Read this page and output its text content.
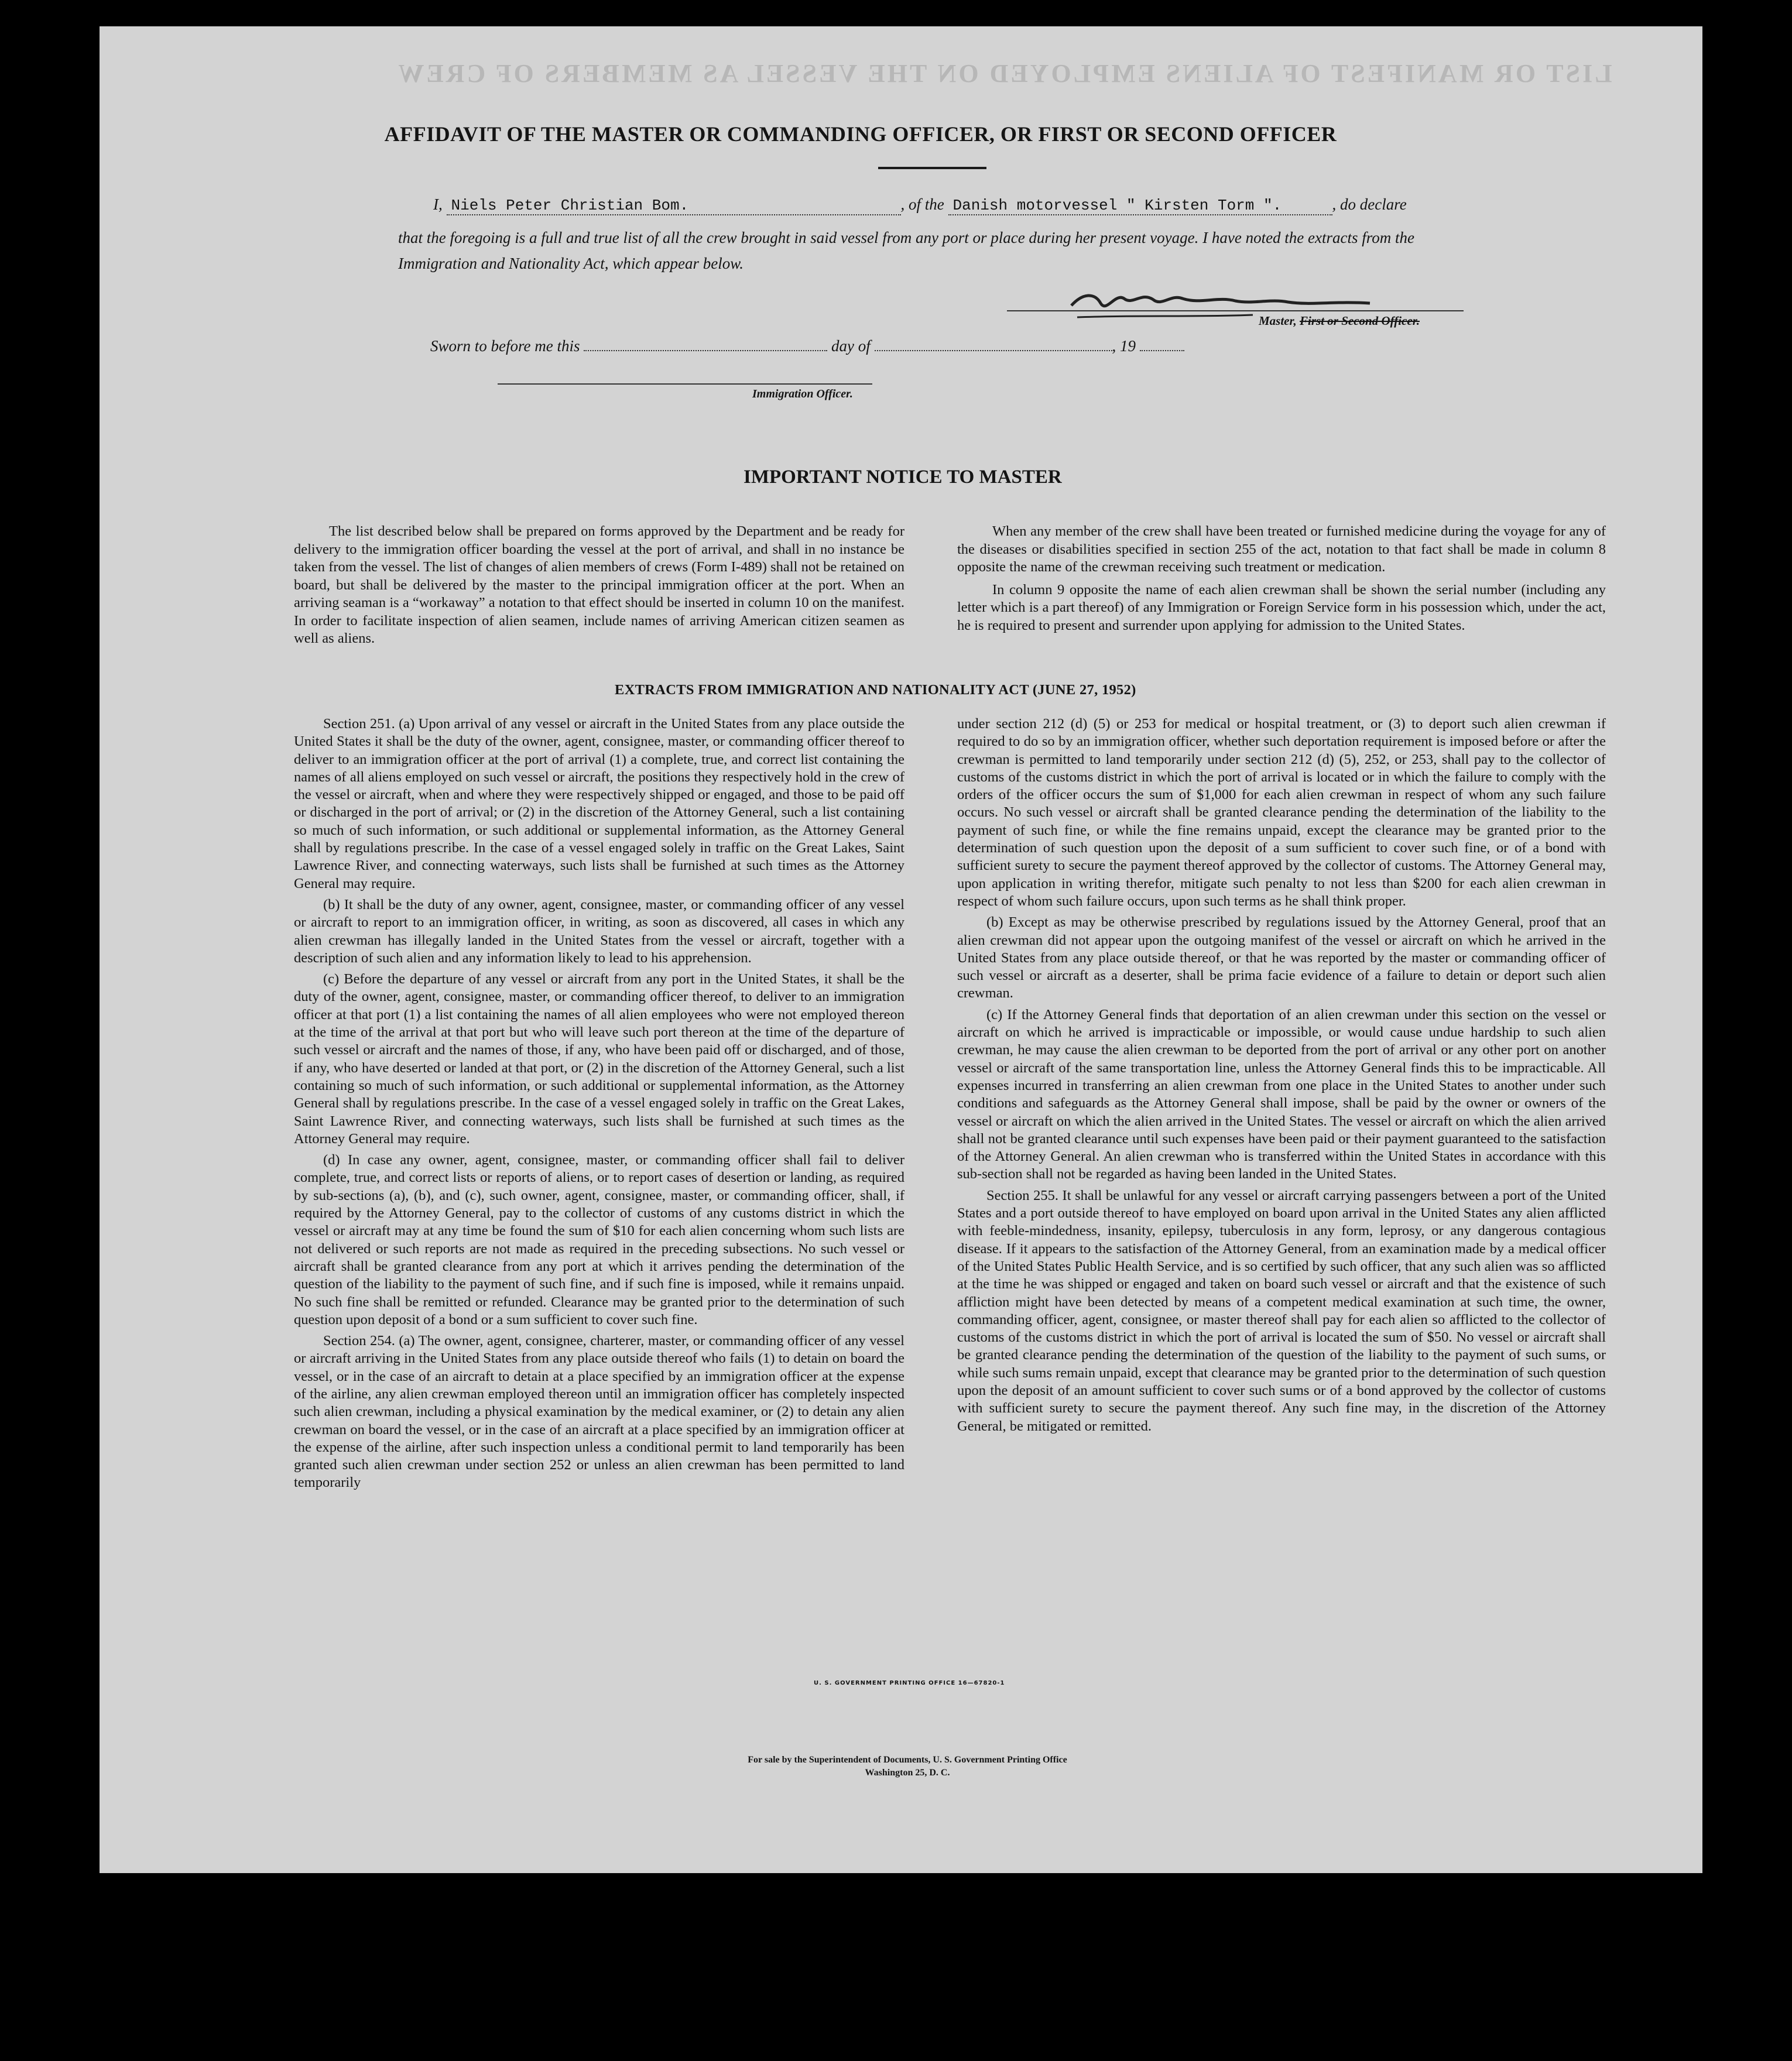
LIST OR MANIFEST OF ALIENS EMPLOYED ON THE VESSEL AS MEMBERS OF CREW
AFFIDAVIT OF THE MASTER OR COMMANDING OFFICER, OR FIRST OR SECOND OFFICER
I, Niels Peter Christian Bom.	, of the Danish motorvessel " Kirsten Torm ".	, do declare
that the foregoing is a full and true list of all the crew brought in said vessel from any port or place during her present voyage. I have noted the extracts from the Immigration and Nationality Act, which appear below.
Master, First or Second Officer.
Sworn to before me this	day of	, 19
Immigration Officer.
IMPORTANT NOTICE TO MASTER

The list described below shall be prepared on forms approved by the Department and be ready for delivery to the immigration officer boarding the vessel at the port of arrival, and shall in no instance be taken from the vessel. The list of changes of alien members of crews (Form I-489) shall not be retained on board, but shall be delivered by the master to the principal immigration officer at the port. When an arriving seaman is a “workaway” a notation to that effect should be inserted in column 10 on the manifest. In order to facilitate inspection of alien seamen, include names of arriving American citizen seamen as well as aliens.

When any member of the crew shall have been treated or furnished medicine during the voyage for any of the diseases or disabilities specified in section 255 of the act, notation to that fact shall be made in column 8 opposite the name of the crewman receiving such treatment or medication.

In column 9 opposite the name of each alien crewman shall be shown the serial number (including any letter which is a part thereof) of any Immigration or Foreign Service form in his possession which, under the act, he is required to present and surrender upon applying for admission to the United States.

EXTRACTS FROM IMMIGRATION AND NATIONALITY ACT (JUNE 27, 1952)

Section 251. (a) Upon arrival of any vessel or aircraft in the United States from any place outside the United States it shall be the duty of the owner, agent, consignee, master, or commanding officer thereof to deliver to an immigration officer at the port of arrival (1) a complete, true, and correct list containing the names of all aliens employed on such vessel or aircraft, the positions they respectively hold in the crew of the vessel or aircraft, when and where they were respectively shipped or engaged, and those to be paid off or discharged in the port of arrival; or (2) in the discretion of the Attorney General, such a list containing so much of such information, or such additional or supplemental information, as the Attorney General shall by regulations prescribe. In the case of a vessel engaged solely in traffic on the Great Lakes, Saint Lawrence River, and connecting waterways, such lists shall be furnished at such times as the Attorney General may require.

(b) It shall be the duty of any owner, agent, consignee, master, or commanding officer of any vessel or aircraft to report to an immigration officer, in writing, as soon as discovered, all cases in which any alien crewman has illegally landed in the United States from the vessel or aircraft, together with a description of such alien and any information likely to lead to his apprehension.

(c) Before the departure of any vessel or aircraft from any port in the United States, it shall be the duty of the owner, agent, consignee, master, or commanding officer thereof, to deliver to an immigration officer at that port (1) a list containing the names of all alien employees who were not employed thereon at the time of the arrival at that port but who will leave such port thereon at the time of the departure of such vessel or aircraft and the names of those, if any, who have been paid off or discharged, and of those, if any, who have deserted or landed at that port, or (2) in the discretion of the Attorney General, such a list containing so much of such information, or such additional or supplemental information, as the Attorney General shall by regulations prescribe. In the case of a vessel engaged solely in traffic on the Great Lakes, Saint Lawrence River, and connecting waterways, such lists shall be furnished at such times as the Attorney General may require.

(d) In case any owner, agent, consignee, master, or commanding officer shall fail to deliver complete, true, and correct lists or reports of aliens, or to report cases of desertion or landing, as required by sub-sections (a), (b), and (c), such owner, agent, consignee, master, or commanding officer, shall, if required by the Attorney General, pay to the collector of customs of any customs district in which the vessel or aircraft may at any time be found the sum of $10 for each alien concerning whom such lists are not delivered or such reports are not made as required in the preceding subsections. No such vessel or aircraft shall be granted clearance from any port at which it arrives pending the determination of the question of the liability to the payment of such fine, and if such fine is imposed, while it remains unpaid. No such fine shall be remitted or refunded. Clearance may be granted prior to the determination of such question upon deposit of a bond or a sum sufficient to cover such fine.

Section 254. (a) The owner, agent, consignee, charterer, master, or commanding officer of any vessel or aircraft arriving in the United States from any place outside thereof who fails (1) to detain on board the vessel, or in the case of an aircraft to detain at a place specified by an immigration officer at the expense of the airline, any alien crewman employed thereon until an immigration officer has completely inspected such alien crewman, including a physical examination by the medical examiner, or (2) to detain any alien crewman on board the vessel, or in the case of an aircraft at a place specified by an immigration officer at the expense of the airline, after such inspection unless a conditional permit to land temporarily has been granted such alien crewman under section 252 or unless an alien crewman has been permitted to land temporarily

under section 212 (d) (5) or 253 for medical or hospital treatment, or (3) to deport such alien crewman if required to do so by an immigration officer, whether such deportation requirement is imposed before or after the crewman is permitted to land temporarily under section 212 (d) (5), 252, or 253, shall pay to the collector of customs of the customs district in which the port of arrival is located or in which the failure to comply with the orders of the officer occurs the sum of $1,000 for each alien crewman in respect of whom any such failure occurs. No such vessel or aircraft shall be granted clearance pending the determination of the liability to the payment of such fine, or while the fine remains unpaid, except the clearance may be granted prior to the determination of such question upon the deposit of a sum sufficient to cover such fine, or of a bond with sufficient surety to secure the payment thereof approved by the collector of customs. The Attorney General may, upon application in writing therefor, mitigate such penalty to not less than $200 for each alien crewman in respect of whom such failure occurs, upon such terms as he shall think proper.

(b) Except as may be otherwise prescribed by regulations issued by the Attorney General, proof that an alien crewman did not appear upon the outgoing manifest of the vessel or aircraft on which he arrived in the United States from any place outside thereof, or that he was reported by the master or commanding officer of such vessel or aircraft as a deserter, shall be prima facie evidence of a failure to detain or deport such alien crewman.

(c) If the Attorney General finds that deportation of an alien crewman under this section on the vessel or aircraft on which he arrived is impracticable or impossible, or would cause undue hardship to such alien crewman, he may cause the alien crewman to be deported from the port of arrival or any other port on another vessel or aircraft of the same transportation line, unless the Attorney General finds this to be impracticable. All expenses incurred in transferring an alien crewman from one place in the United States to another under such conditions and safeguards as the Attorney General shall impose, shall be paid by the owner or owners of the vessel or aircraft on which the alien arrived in the United States. The vessel or aircraft on which the alien arrived shall not be granted clearance until such expenses have been paid or their payment guaranteed to the satisfaction of the Attorney General. An alien crewman who is transferred within the United States in accordance with this sub-section shall not be regarded as having been landed in the United States.

Section 255. It shall be unlawful for any vessel or aircraft carrying passengers between a port of the United States and a port outside thereof to have employed on board upon arrival in the United States any alien afflicted with feeble-mindedness, insanity, epilepsy, tuberculosis in any form, leprosy, or any dangerous contagious disease. If it appears to the satisfaction of the Attorney General, from an examination made by a medical officer of the United States Public Health Service, and is so certified by such officer, that any such alien was so afflicted at the time he was shipped or engaged and taken on board such vessel or aircraft and that the existence of such affliction might have been detected by means of a competent medical examination at such time, the owner, commanding officer, agent, consignee, or master thereof shall pay for each alien so afflicted to the collector of customs of the customs district in which the port of arrival is located the sum of $50. No vessel or aircraft shall be granted clearance pending the determination of the question of the liability to the payment of such sums, or while such sums remain unpaid, except that clearance may be granted prior to the determination of such question upon the deposit of an amount sufficient to cover such sums or of a bond approved by the collector of customs with sufficient surety to secure the payment thereof. Any such fine may, in the discretion of the Attorney General, be mitigated or remitted.

U. S. GOVERNMENT PRINTING OFFICE 16—67820-1
For sale by the Superintendent of Documents, U. S. Government Printing Office
Washington 25, D. C.
